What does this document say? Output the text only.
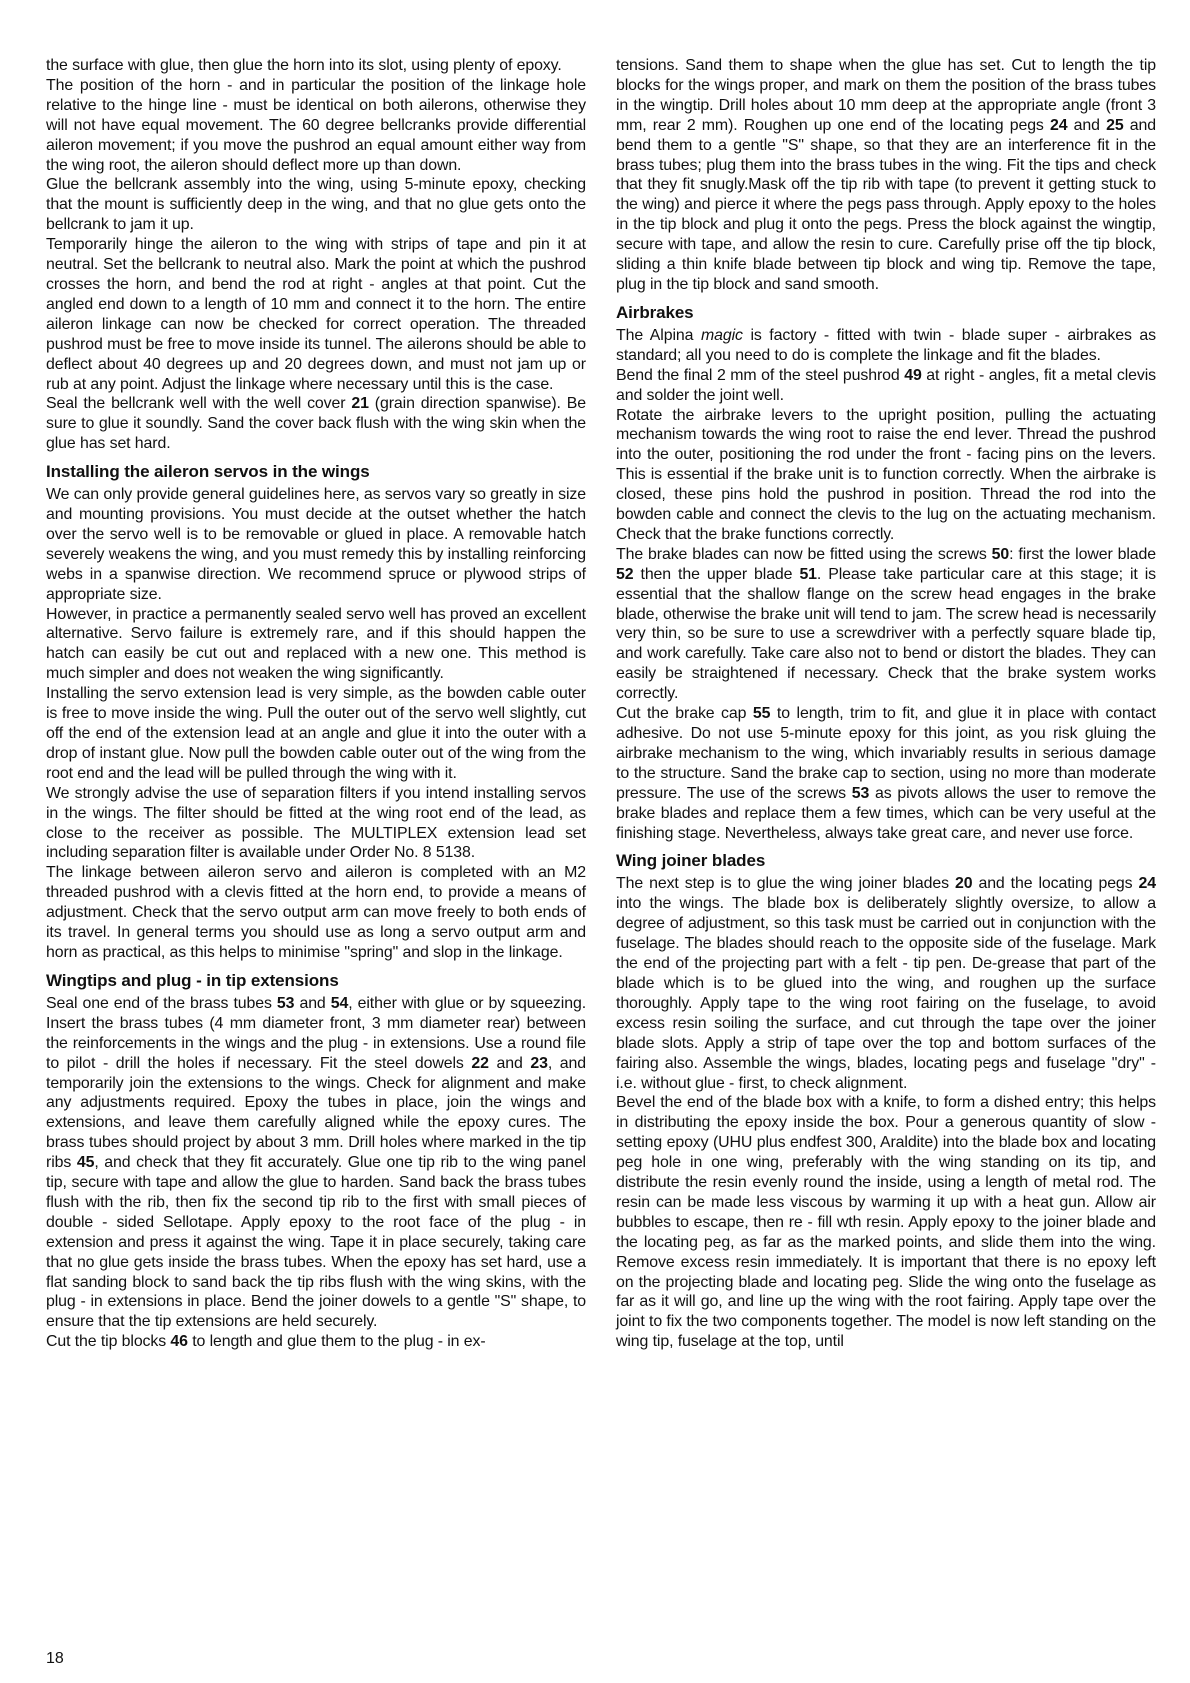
the surface with glue, then glue the horn into its slot, using plenty of epoxy.

The position of the horn - and in particular the position of the linkage hole relative to the hinge line - must be identical on both ailerons, otherwise they will not have equal movement. The 60 degree bellcranks provide differential aileron movement; if you move the pushrod an equal amount either way from the wing root, the aileron should deflect more up than down.

Glue the bellcrank assembly into the wing, using 5-minute epoxy, checking that the mount is sufficiently deep in the wing, and that no glue gets onto the bellcrank to jam it up.

Temporarily hinge the aileron to the wing with strips of tape and pin it at neutral. Set the bellcrank to neutral also. Mark the point at which the pushrod crosses the horn, and bend the rod at right - angles at that point. Cut the angled end down to a length of 10 mm and connect it to the horn. The entire aileron linkage can now be checked for correct operation. The threaded pushrod must be free to move inside its tunnel. The ailerons should be able to deflect about 40 degrees up and 20 degrees down, and must not jam up or rub at any point. Adjust the linkage where necessary until this is the case.

Seal the bellcrank well with the well cover 21 (grain direction spanwise). Be sure to glue it soundly. Sand the cover back flush with the wing skin when the glue has set hard.

Installing the aileron servos in the wings

We can only provide general guidelines here, as servos vary so greatly in size and mounting provisions. You must decide at the outset whether the hatch over the servo well is to be removable or glued in place. A removable hatch severely weakens the wing, and you must remedy this by installing reinforcing webs in a spanwise direction. We recommend spruce or plywood strips of appropriate size.

However, in practice a permanently sealed servo well has proved an excellent alternative. Servo failure is extremely rare, and if this should happen the hatch can easily be cut out and replaced with a new one. This method is much simpler and does not weaken the wing significantly.

Installing the servo extension lead is very simple, as the bowden cable outer is free to move inside the wing. Pull the outer out of the servo well slightly, cut off the end of the extension lead at an angle and glue it into the outer with a drop of instant glue. Now pull the bowden cable outer out of the wing from the root end and the lead will be pulled through the wing with it.

We strongly advise the use of separation filters if you intend installing servos in the wings. The filter should be fitted at the wing root end of the lead, as close to the receiver as possible. The MULTIPLEX extension lead set including separation filter is available under Order No. 8 5138.

The linkage between aileron servo and aileron is completed with an M2 threaded pushrod with a clevis fitted at the horn end, to provide a means of adjustment. Check that the servo output arm can move freely to both ends of its travel. In general terms you should use as long a servo output arm and horn as practical, as this helps to minimise "spring" and slop in the linkage.

Wingtips and plug - in tip extensions

Seal one end of the brass tubes 53 and 54, either with glue or by squeezing. Insert the brass tubes (4 mm diameter front, 3 mm diameter rear) between the reinforcements in the wings and the plug - in extensions. Use a round file to pilot - drill the holes if necessary. Fit the steel dowels 22 and 23, and temporarily join the extensions to the wings. Check for alignment and make any adjustments required. Epoxy the tubes in place, join the wings and extensions, and leave them carefully aligned while the epoxy cures. The brass tubes should project by about 3 mm. Drill holes where marked in the tip ribs 45, and check that they fit accurately. Glue one tip rib to the wing panel tip, secure with tape and allow the glue to harden. Sand back the brass tubes flush with the rib, then fix the second tip rib to the first with small pieces of double - sided Sellotape. Apply epoxy to the root face of the plug - in extension and press it against the wing. Tape it in place securely, taking care that no glue gets inside the brass tubes. When the epoxy has set hard, use a flat sanding block to sand back the tip ribs flush with the wing skins, with the plug - in extensions in place. Bend the joiner dowels to a gentle "S" shape, to ensure that the tip extensions are held securely.

Cut the tip blocks 46 to length and glue them to the plug - in ex-

tensions. Sand them to shape when the glue has set. Cut to length the tip blocks for the wings proper, and mark on them the position of the brass tubes in the wingtip. Drill holes about 10 mm deep at the appropriate angle (front 3 mm, rear 2 mm). Roughen up one end of the locating pegs 24 and 25 and bend them to a gentle "S" shape, so that they are an interference fit in the brass tubes; plug them into the brass tubes in the wing. Fit the tips and check that they fit snugly.Mask off the tip rib with tape (to prevent it getting stuck to the wing) and pierce it where the pegs pass through. Apply epoxy to the holes in the tip block and plug it onto the pegs. Press the block against the wingtip, secure with tape, and allow the resin to cure. Carefully prise off the tip block, sliding a thin knife blade between tip block and wing tip. Remove the tape, plug in the tip block and sand smooth.

Airbrakes

The Alpina magic is factory - fitted with twin - blade super - airbrakes as standard; all you need to do is complete the linkage and fit the blades.

Bend the final 2 mm of the steel pushrod 49 at right - angles, fit a metal clevis and solder the joint well.

Rotate the airbrake levers to the upright position, pulling the actuating mechanism towards the wing root to raise the end lever. Thread the pushrod into the outer, positioning the rod under the front - facing pins on the levers. This is essential if the brake unit is to function correctly. When the airbrake is closed, these pins hold the pushrod in position. Thread the rod into the bowden cable and connect the clevis to the lug on the actuating mechanism. Check that the brake functions correctly.

The brake blades can now be fitted using the screws 50: first the lower blade 52 then the upper blade 51. Please take particular care at this stage; it is essential that the shallow flange on the screw head engages in the brake blade, otherwise the brake unit will tend to jam. The screw head is necessarily very thin, so be sure to use a screwdriver with a perfectly square blade tip, and work carefully. Take care also not to bend or distort the blades. They can easily be straightened if necessary. Check that the brake system works correctly.

Cut the brake cap 55 to length, trim to fit, and glue it in place with contact adhesive. Do not use 5-minute epoxy for this joint, as you risk gluing the airbrake mechanism to the wing, which invariably results in serious damage to the structure. Sand the brake cap to section, using no more than moderate pressure. The use of the screws 53 as pivots allows the user to remove the brake blades and replace them a few times, which can be very useful at the finishing stage. Nevertheless, always take great care, and never use force.

Wing joiner blades

The next step is to glue the wing joiner blades 20 and the locating pegs 24 into the wings. The blade box is deliberately slightly oversize, to allow a degree of adjustment, so this task must be carried out in conjunction with the fuselage. The blades should reach to the opposite side of the fuselage. Mark the end of the projecting part with a felt - tip pen. De-grease that part of the blade which is to be glued into the wing, and roughen up the surface thoroughly. Apply tape to the wing root fairing on the fuselage, to avoid excess resin soiling the surface, and cut through the tape over the joiner blade slots. Apply a strip of tape over the top and bottom surfaces of the fairing also. Assemble the wings, blades, locating pegs and fuselage "dry" - i.e. without glue - first, to check alignment.

Bevel the end of the blade box with a knife, to form a dished entry; this helps in distributing the epoxy inside the box. Pour a generous quantity of slow - setting epoxy (UHU plus endfest 300, Araldite) into the blade box and locating peg hole in one wing, preferably with the wing standing on its tip, and distribute the resin evenly round the inside, using a length of metal rod. The resin can be made less viscous by warming it up with a heat gun. Allow air bubbles to escape, then re - fill wth resin. Apply epoxy to the joiner blade and the locating peg, as far as the marked points, and slide them into the wing. Remove excess resin immediately. It is important that there is no epoxy left on the projecting blade and locating peg. Slide the wing onto the fuselage as far as it will go, and line up the wing with the root fairing. Apply tape over the joint to fix the two components together. The model is now left standing on the wing tip, fuselage at the top, until

18
